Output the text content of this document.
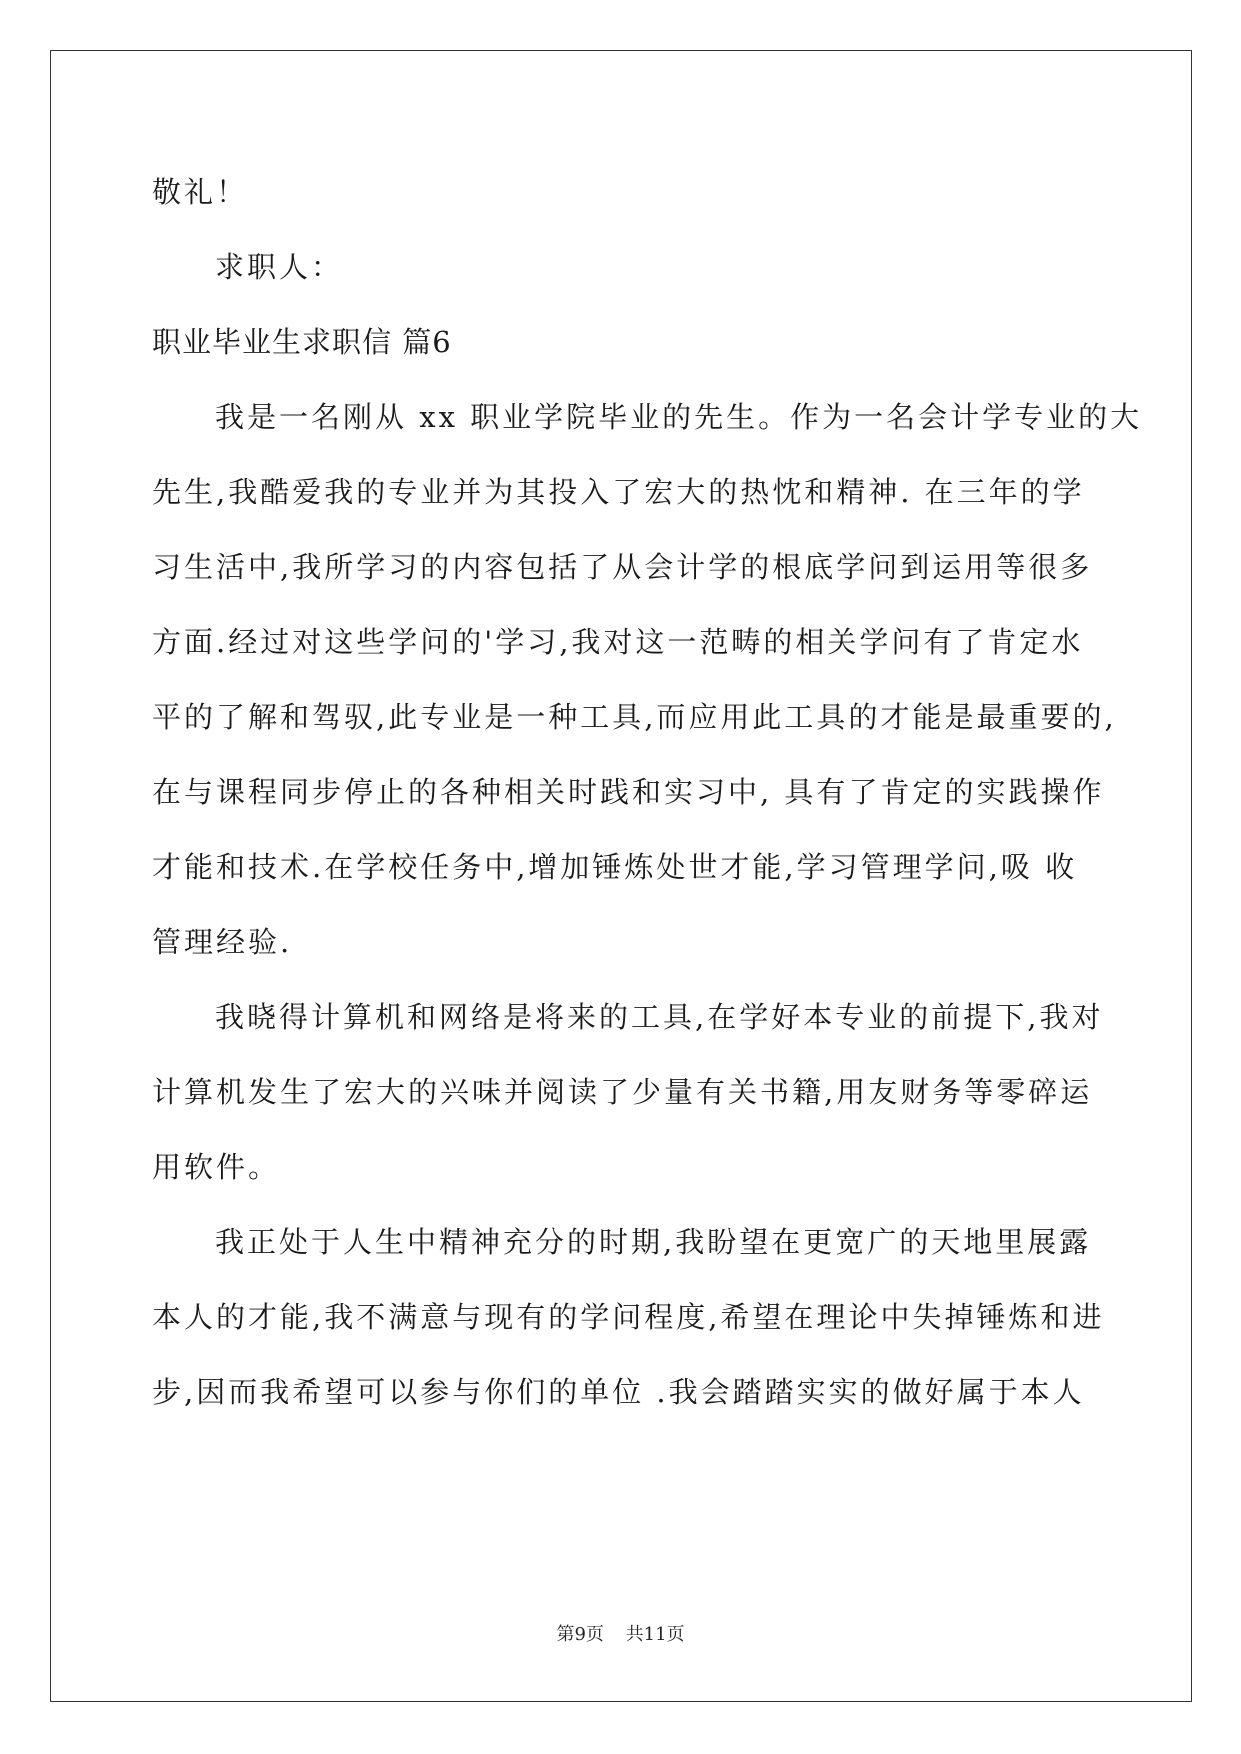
敬礼！
求职人：
职业毕业生求职信 篇6
我是一名刚从 xx 职业学院毕业的先生。作为一名会计学专业的大
先生,我酷爱我的专业并为其投入了宏大的热忱和精神. 在三年的学
习生活中,我所学习的内容包括了从会计学的根底学问到运用等很多
方面.经过对这些学问的'学习,我对这一范畴的相关学问有了肯定水
平的了解和驾驭,此专业是一种工具,而应用此工具的才能是最重要的,
在与课程同步停止的各种相关时践和实习中, 具有了肯定的实践操作
才能和技术.在学校任务中,增加锤炼处世才能,学习管理学问,吸 收
管理经验.
我晓得计算机和网络是将来的工具,在学好本专业的前提下,我对
计算机发生了宏大的兴味并阅读了少量有关书籍,用友财务等零碎运
用软件。
我正处于人生中精神充分的时期,我盼望在更宽广的天地里展露
本人的才能,我不满意与现有的学问程度,希望在理论中失掉锤炼和进
步,因而我希望可以参与你们的单位 .我会踏踏实实的做好属于本人
第9页 共11页
